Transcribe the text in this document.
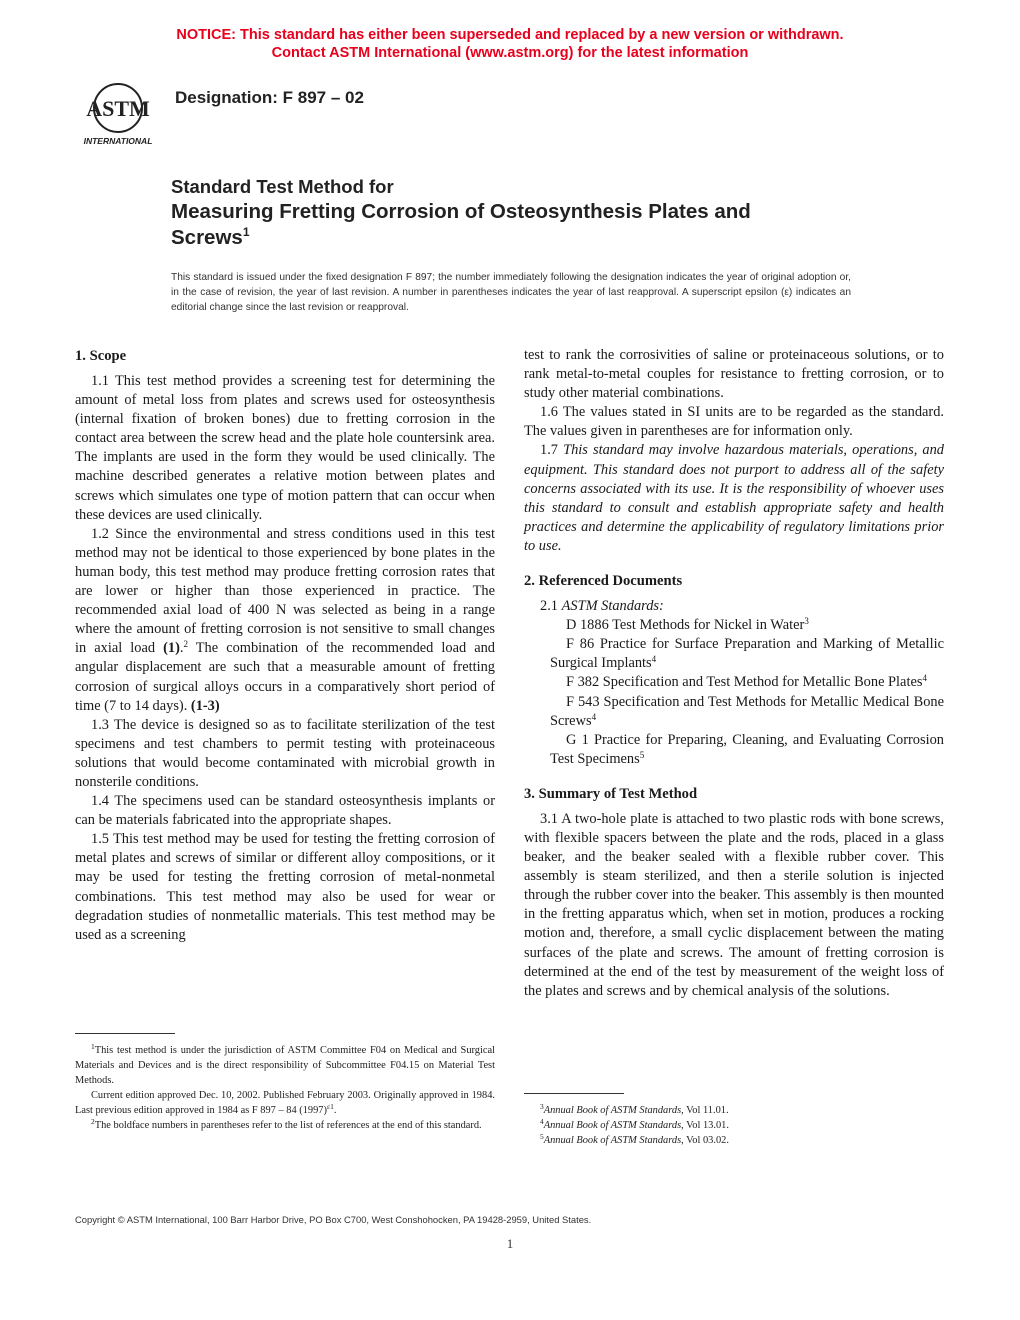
NOTICE: This standard has either been superseded and replaced by a new version or withdrawn.
Contact ASTM International (www.astm.org) for the latest information
ASTM
INTERNATIONAL
Designation: F 897 – 02
Standard Test Method for
Measuring Fretting Corrosion of Osteosynthesis Plates and
Screws$^1$
This standard is issued under the fixed designation F 897; the number immediately following the designation indicates the year of original adoption or, in the case of revision, the year of last revision. A number in parentheses indicates the year of last reapproval. A superscript epsilon (ε) indicates an editorial change since the last revision or reapproval.
1. Scope

1.1 This test method provides a screening test for determining the amount of metal loss from plates and screws used for osteosynthesis (internal fixation of broken bones) due to fretting corrosion in the contact area between the screw head and the plate hole countersink area. The implants are used in the form they would be used clinically. The machine described generates a relative motion between plates and screws which simulates one type of motion pattern that can occur when these devices are used clinically.

1.2 Since the environmental and stress conditions used in this test method may not be identical to those experienced by bone plates in the human body, this test method may produce fretting corrosion rates that are lower or higher than those experienced in practice. The recommended axial load of 400 N was selected as being in a range where the amount of fretting corrosion is not sensitive to small changes in axial load (1).$^2$ The combination of the recommended load and angular displacement are such that a measurable amount of fretting corrosion of surgical alloys occurs in a comparatively short period of time (7 to 14 days). (1-3)

1.3 The device is designed so as to facilitate sterilization of the test specimens and test chambers to permit testing with proteinaceous solutions that would become contaminated with microbial growth in nonsterile conditions.

1.4 The specimens used can be standard osteosynthesis implants or can be materials fabricated into the appropriate shapes.

1.5 This test method may be used for testing the fretting corrosion of metal plates and screws of similar or different alloy compositions, or it may be used for testing the fretting corrosion of metal-nonmetal combinations. This test method may also be used for wear or degradation studies of nonmetallic materials. This test method may be used as a screening

$^1$This test method is under the jurisdiction of ASTM Committee F04 on Medical and Surgical Materials and Devices and is the direct responsibility of Subcommittee F04.15 on Material Test Methods.

Current edition approved Dec. 10, 2002. Published February 2003. Originally approved in 1984. Last previous edition approved in 1984 as F 897 – 84 $(1997)^{\varepsilon 1}$.

$^2$The boldface numbers in parentheses refer to the list of references at the end of this standard.

test to rank the corrosivities of saline or proteinaceous solutions, or to rank metal-to-metal couples for resistance to fretting corrosion, or to study other material combinations.

1.6 The values stated in SI units are to be regarded as the standard. The values given in parentheses are for information only.

1.7 This standard may involve hazardous materials, operations, and equipment. This standard does not purport to address all of the safety concerns associated with its use. It is the responsibility of whoever uses this standard to consult and establish appropriate safety and health practices and determine the applicability of regulatory limitations prior to use.

2. Referenced Documents

2.1 ASTM Standards:

D 1886 Test Methods for Nickel in Water$^3$

F 86 Practice for Surface Preparation and Marking of Metallic Surgical Implants$^4$

F 382 Specification and Test Method for Metallic Bone Plates$^4$

F 543 Specification and Test Methods for Metallic Medical Bone Screws$^4$

G 1 Practice for Preparing, Cleaning, and Evaluating Corrosion Test Specimens$^5$

3. Summary of Test Method

3.1 A two-hole plate is attached to two plastic rods with bone screws, with flexible spacers between the plate and the rods, placed in a glass beaker, and the beaker sealed with a flexible rubber cover. This assembly is steam sterilized, and then a sterile solution is injected through the rubber cover into the beaker. This assembly is then mounted in the fretting apparatus which, when set in motion, produces a rocking motion and, therefore, a small cyclic displacement between the mating surfaces of the plate and screws. The amount of fretting corrosion is determined at the end of the test by measurement of the weight loss of the plates and screws and by chemical analysis of the solutions.

$^3$Annual Book of ASTM Standards, Vol 11.01.

$^4$Annual Book of ASTM Standards, Vol 13.01.

$^5$Annual Book of ASTM Standards, Vol 03.02.

Copyright © ASTM International, 100 Barr Harbor Drive, PO Box C700, West Conshohocken, PA 19428-2959, United States.
1
